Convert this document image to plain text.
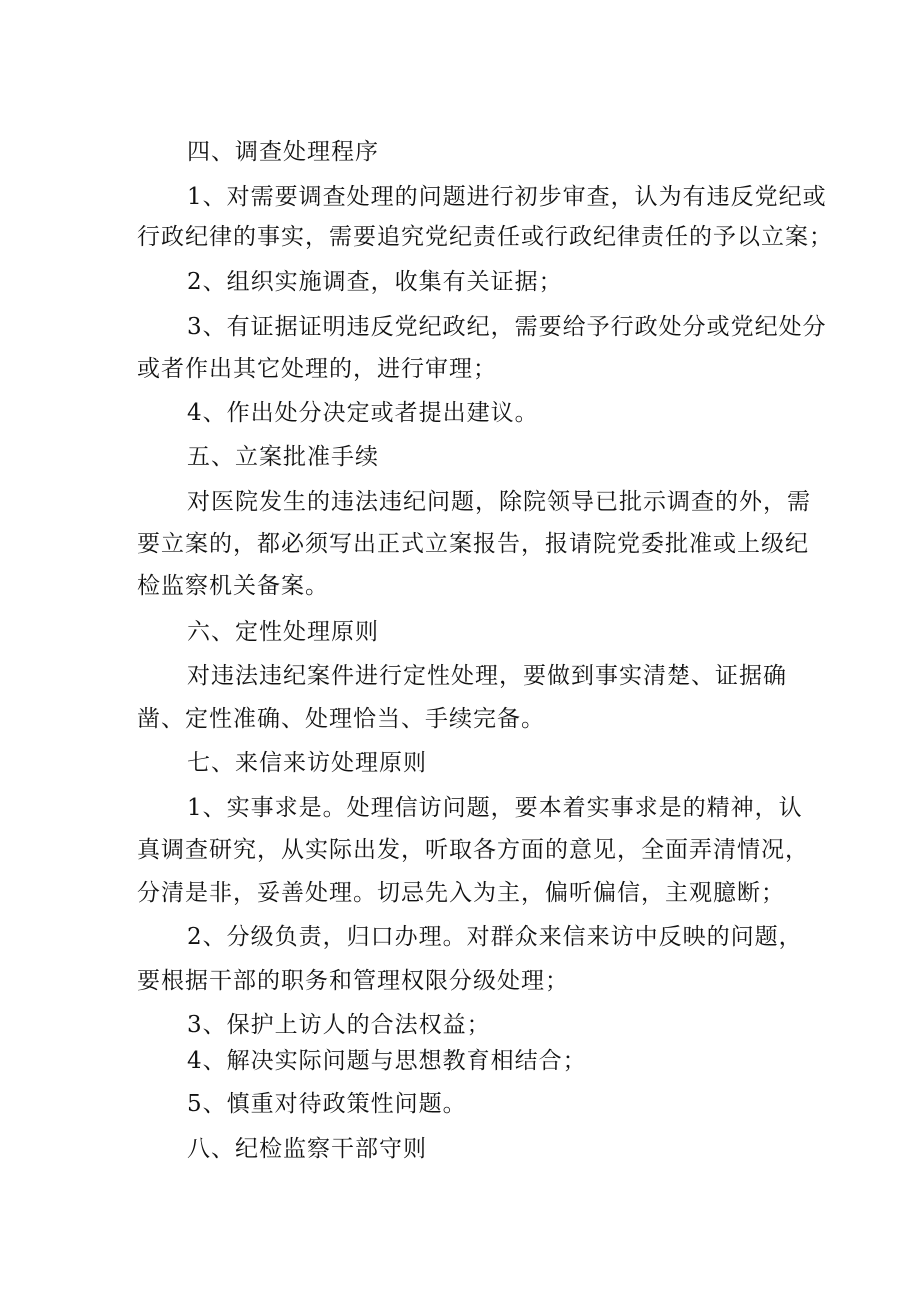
四、调查处理程序
1、对需要调查处理的问题进行初步审查，认为有违反党纪或
行政纪律的事实，需要追究党纪责任或行政纪律责任的予以立案；
2、组织实施调查，收集有关证据；
3、有证据证明违反党纪政纪，需要给予行政处分或党纪处分
或者作出其它处理的，进行审理；
4、作出处分决定或者提出建议。
五、立案批准手续
对医院发生的违法违纪问题，除院领导已批示调查的外，需
要立案的，都必须写出正式立案报告，报请院党委批准或上级纪
检监察机关备案。
六、定性处理原则
对违法违纪案件进行定性处理，要做到事实清楚、证据确
凿、定性准确、处理恰当、手续完备。
七、来信来访处理原则
1、实事求是。处理信访问题，要本着实事求是的精神，认
真调查研究，从实际出发，听取各方面的意见，全面弄清情况，
分清是非，妥善处理。切忌先入为主，偏听偏信，主观臆断；
2、分级负责，归口办理。对群众来信来访中反映的问题，
要根据干部的职务和管理权限分级处理；
3、保护上访人的合法权益；
4、解决实际问题与思想教育相结合；
5、慎重对待政策性问题。
八、纪检监察干部守则
